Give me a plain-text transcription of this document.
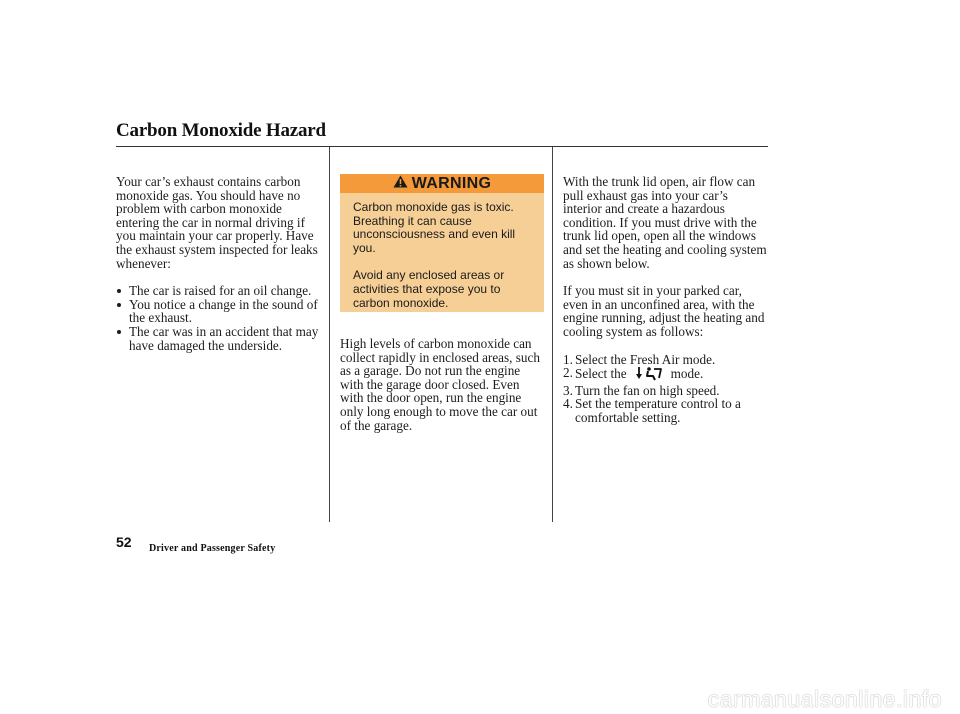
Carbon Monoxide Hazard

Your car’s exhaust contains carbon monoxide gas. You should have no problem with carbon monoxide entering the car in normal driving if you maintain your car properly. Have the exhaust system inspected for leaks whenever:

The car is raised for an oil change.
You notice a change in the sound of the exhaust.
The car was in an accident that may have damaged the underside.
WARNING

Carbon monoxide gas is toxic. Breathing it can cause unconsciousness and even kill you.

Avoid any enclosed areas or activities that expose you to carbon monoxide.

High levels of carbon monoxide can collect rapidly in enclosed areas, such as a garage. Do not run the engine with the garage door closed. Even with the door open, run the engine only long enough to move the car out of the garage.

With the trunk lid open, air flow can pull exhaust gas into your car’s interior and create a hazardous condition. If you must drive with the trunk lid open, open all the windows and set the heating and cooling system as shown below.

If you must sit in your parked car, even in an unconfined area, with the engine running, adjust the heating and cooling system as follows:

1. Select the Fresh Air mode.
2. Select the	mode.
3. Turn the fan on high speed.
4. Set the temperature control to a comfortable setting.
52 Driver and Passenger Safety
carmanualsonline.info
